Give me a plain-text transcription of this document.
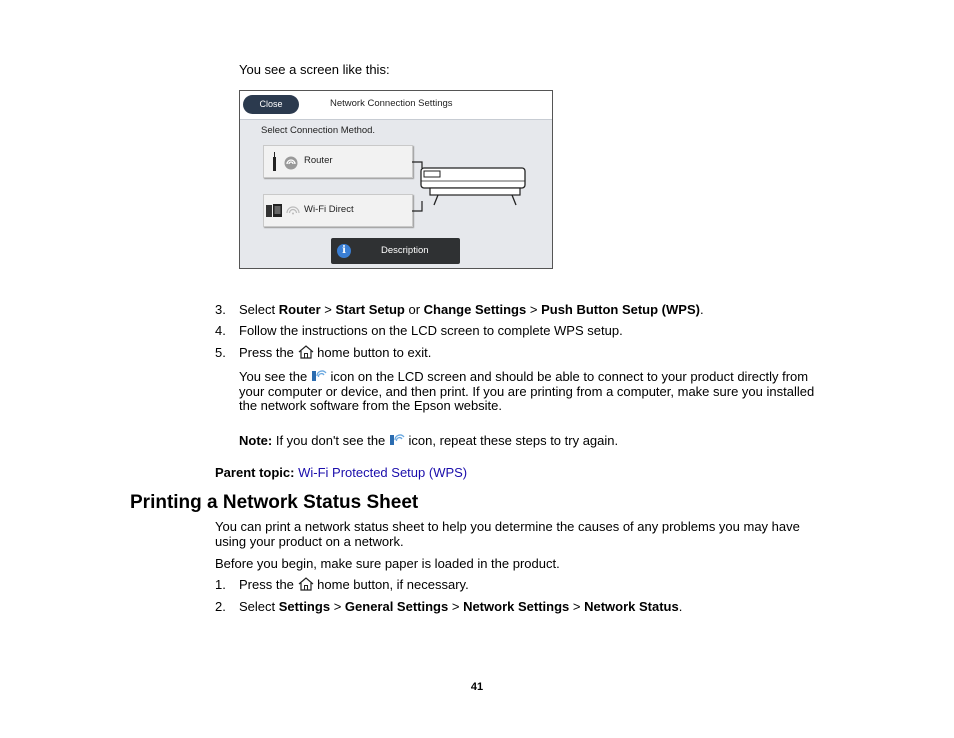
You see a screen like this:
Close	Network Connection Settings
Select Connection Method.
Router
Wi-Fi Direct
i	Description
3.	Select Router > Start Setup or Change Settings > Push Button Setup (WPS).
4.	Follow the instructions on the LCD screen to complete WPS setup.
5.	Press the home button to exit.
You see the icon on the LCD screen and should be able to connect to your product directly from
your computer or device, and then print. If you are printing from a computer, make sure you installed
the network software from the Epson website.
Note: If you don't see the icon, repeat these steps to try again.
Parent topic: Wi-Fi Protected Setup (WPS)
Printing a Network Status Sheet
You can print a network status sheet to help you determine the causes of any problems you may have
using your product on a network.
Before you begin, make sure paper is loaded in the product.
1.	Press the home button, if necessary.
2.	Select Settings > General Settings > Network Settings > Network Status.
41
